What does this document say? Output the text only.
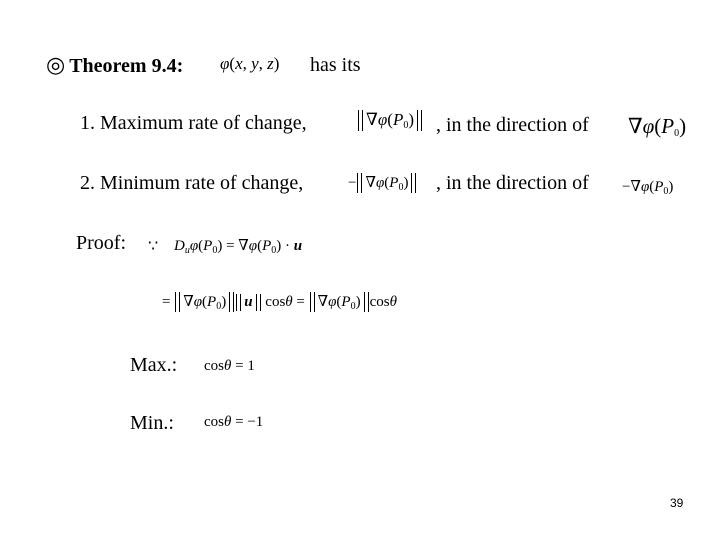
◎ Theorem 9.4: φ(x, y, z) has its
1. Maximum rate of change,	$\nabla\varphi(P_0)$	, in the direction of $\nabla\varphi(P_0)$
2. Minimum rate of change,	− $\nabla\varphi(P_0)$	, in the direction of $-\nabla\varphi(P_0)$
Proof: ∵ $D_u\varphi(P_0) = \nabla\varphi(P_0) \cdot u$
= $\nabla\varphi(P_0)$ u $\cos\theta = \nabla\varphi(P_0)$ cosθ
Max.: cosθ = 1
Min.: cosθ = −1
39
